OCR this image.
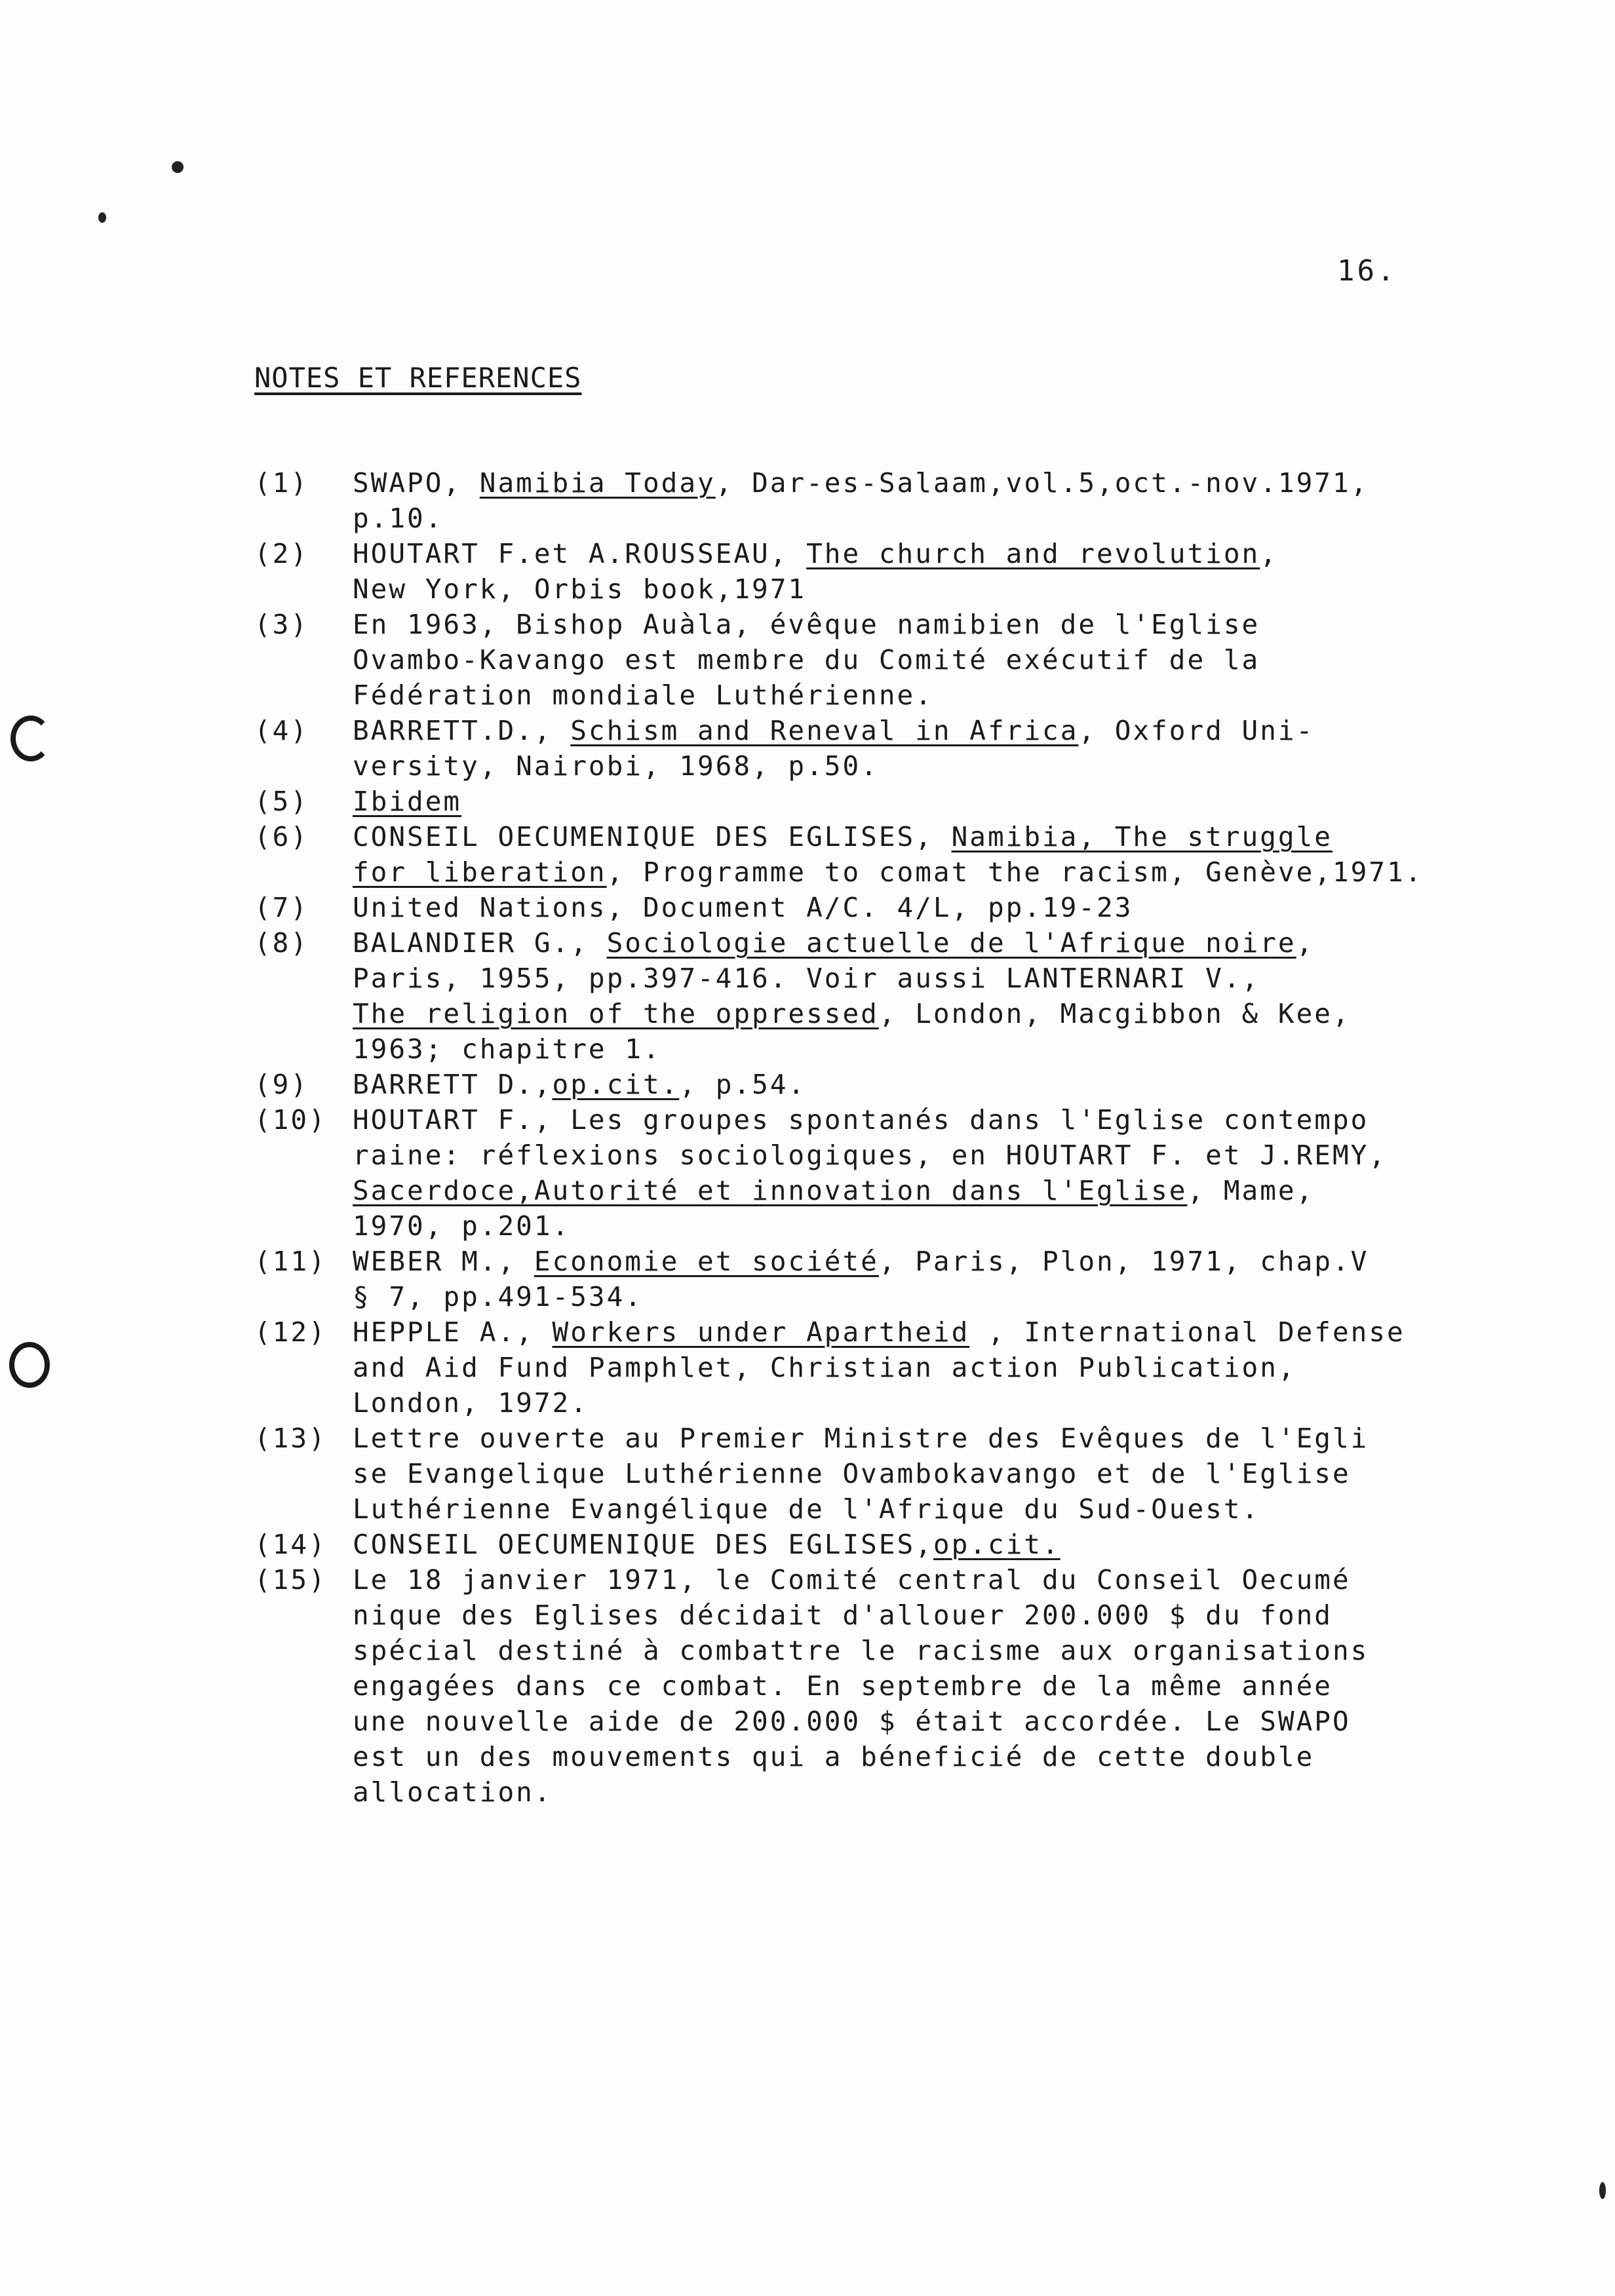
16.
NOTES ET REFERENCES
(1)	SWAPO, Namibia Today, Dar-es-Salaam,vol.5,oct.-nov.1971,
p.10.
(2)	HOUTART F.et A.ROUSSEAU, The church and revolution,
New York, Orbis book,1971
(3)	En 1963, Bishop Auàla, évêque namibien de l'Eglise
Ovambo-Kavango est membre du Comité exécutif de la
Fédération mondiale Luthérienne.
(4)	BARRETT.D., Schism and Reneval in Africa, Oxford Uni-
versity, Nairobi, 1968, p.50.
(5)	Ibidem
(6)	CONSEIL OECUMENIQUE DES EGLISES, Namibia, The struggle
for liberation, Programme to comat the racism, Genève,1971.
(7)	United Nations, Document A/C. 4/L, pp.19-23
(8)	BALANDIER G., Sociologie actuelle de l'Afrique noire,
Paris, 1955, pp.397-416. Voir aussi LANTERNARI V.,
The religion of the oppressed, London, Macgibbon & Kee,
1963; chapitre 1.
(9)	BARRETT D.,op.cit., p.54.
(10) HOUTART F., Les groupes spontanés dans l'Eglise contempo
raine: réflexions sociologiques, en HOUTART F. et J.REMY,
Sacerdoce,Autorité et innovation dans l'Eglise, Mame,
1970, p.201.
(11) WEBER M., Economie et société, Paris, Plon, 1971, chap.V
§ 7, pp.491-534.
(12) HEPPLE A., Workers under Apartheid , International Defense
and Aid Fund Pamphlet, Christian action Publication,
London, 1972.
(13) Lettre ouverte au Premier Ministre des Evêques de l'Egli
se Evangelique Luthérienne Ovambokavango et de l'Eglise
Luthérienne Evangélique de l'Afrique du Sud-Ouest.
(14) CONSEIL OECUMENIQUE DES EGLISES,op.cit.
(15) Le 18 janvier 1971, le Comité central du Conseil Oecumé
nique des Eglises décidait d'allouer 200.000 $ du fond
spécial destiné à combattre le racisme aux organisations
engagées dans ce combat. En septembre de la même année
une nouvelle aide de 200.000 $ était accordée. Le SWAPO
est un des mouvements qui a béneficié de cette double
allocation.
